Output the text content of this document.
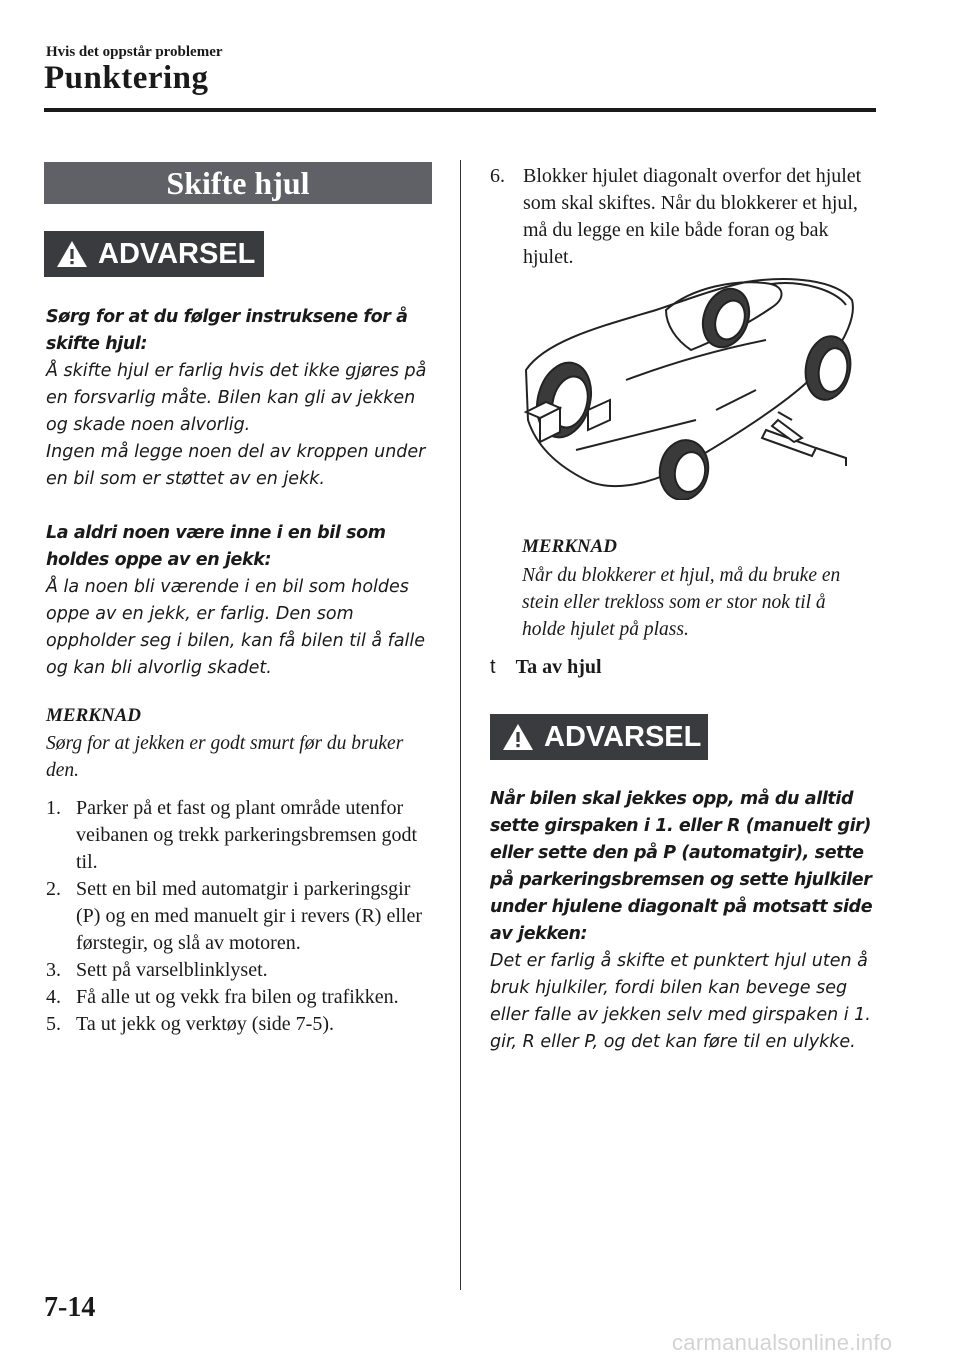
Hvis det oppstår problemer
Punktering
Skifte hjul
ADVARSEL

Sørg for at du følger instruksene for å skifte hjul:

Å skifte hjul er farlig hvis det ikke gjøres på en forsvarlig måte. Bilen kan gli av jekken og skade noen alvorlig.

Ingen må legge noen del av kroppen under en bil som er støttet av en jekk.

La aldri noen være inne i en bil som holdes oppe av en jekk:

Å la noen bli værende i en bil som holdes oppe av en jekk, er farlig. Den som oppholder seg i bilen, kan få bilen til å falle og kan bli alvorlig skadet.

MERKNAD
Sørg for at jekken er godt smurt før du bruker den.
1. Parker på et fast og plant område utenfor veibanen og trekk parkeringsbremsen godt til.
2. Sett en bil med automatgir i parkeringsgir (P) og en med manuelt gir i revers (R) eller førstegir, og slå av motoren.
3. Sett på varselblinklyset.
4. Få alle ut og vekk fra bilen og trafikken.
5. Ta ut jekk og verktøy (side 7-5).
6. Blokker hjulet diagonalt overfor det hjulet som skal skiftes. Når du blokkerer et hjul, må du legge en kile både foran og bak hjulet.
MERKNAD
Når du blokkerer et hjul, må du bruke en stein eller trekloss som er stor nok til å holde hjulet på plass.
t Ta av hjul
ADVARSEL

Når bilen skal jekkes opp, må du alltid sette girspaken i 1. eller R (manuelt gir) eller sette den på P (automatgir), sette på parkeringsbremsen og sette hjulkiler under hjulene diagonalt på motsatt side av jekken:

Det er farlig å skifte et punktert hjul uten å bruk hjulkiler, fordi bilen kan bevege seg eller falle av jekken selv med girspaken i 1. gir, R eller P, og det kan føre til en ulykke.

7-14
carmanualsonline.info
